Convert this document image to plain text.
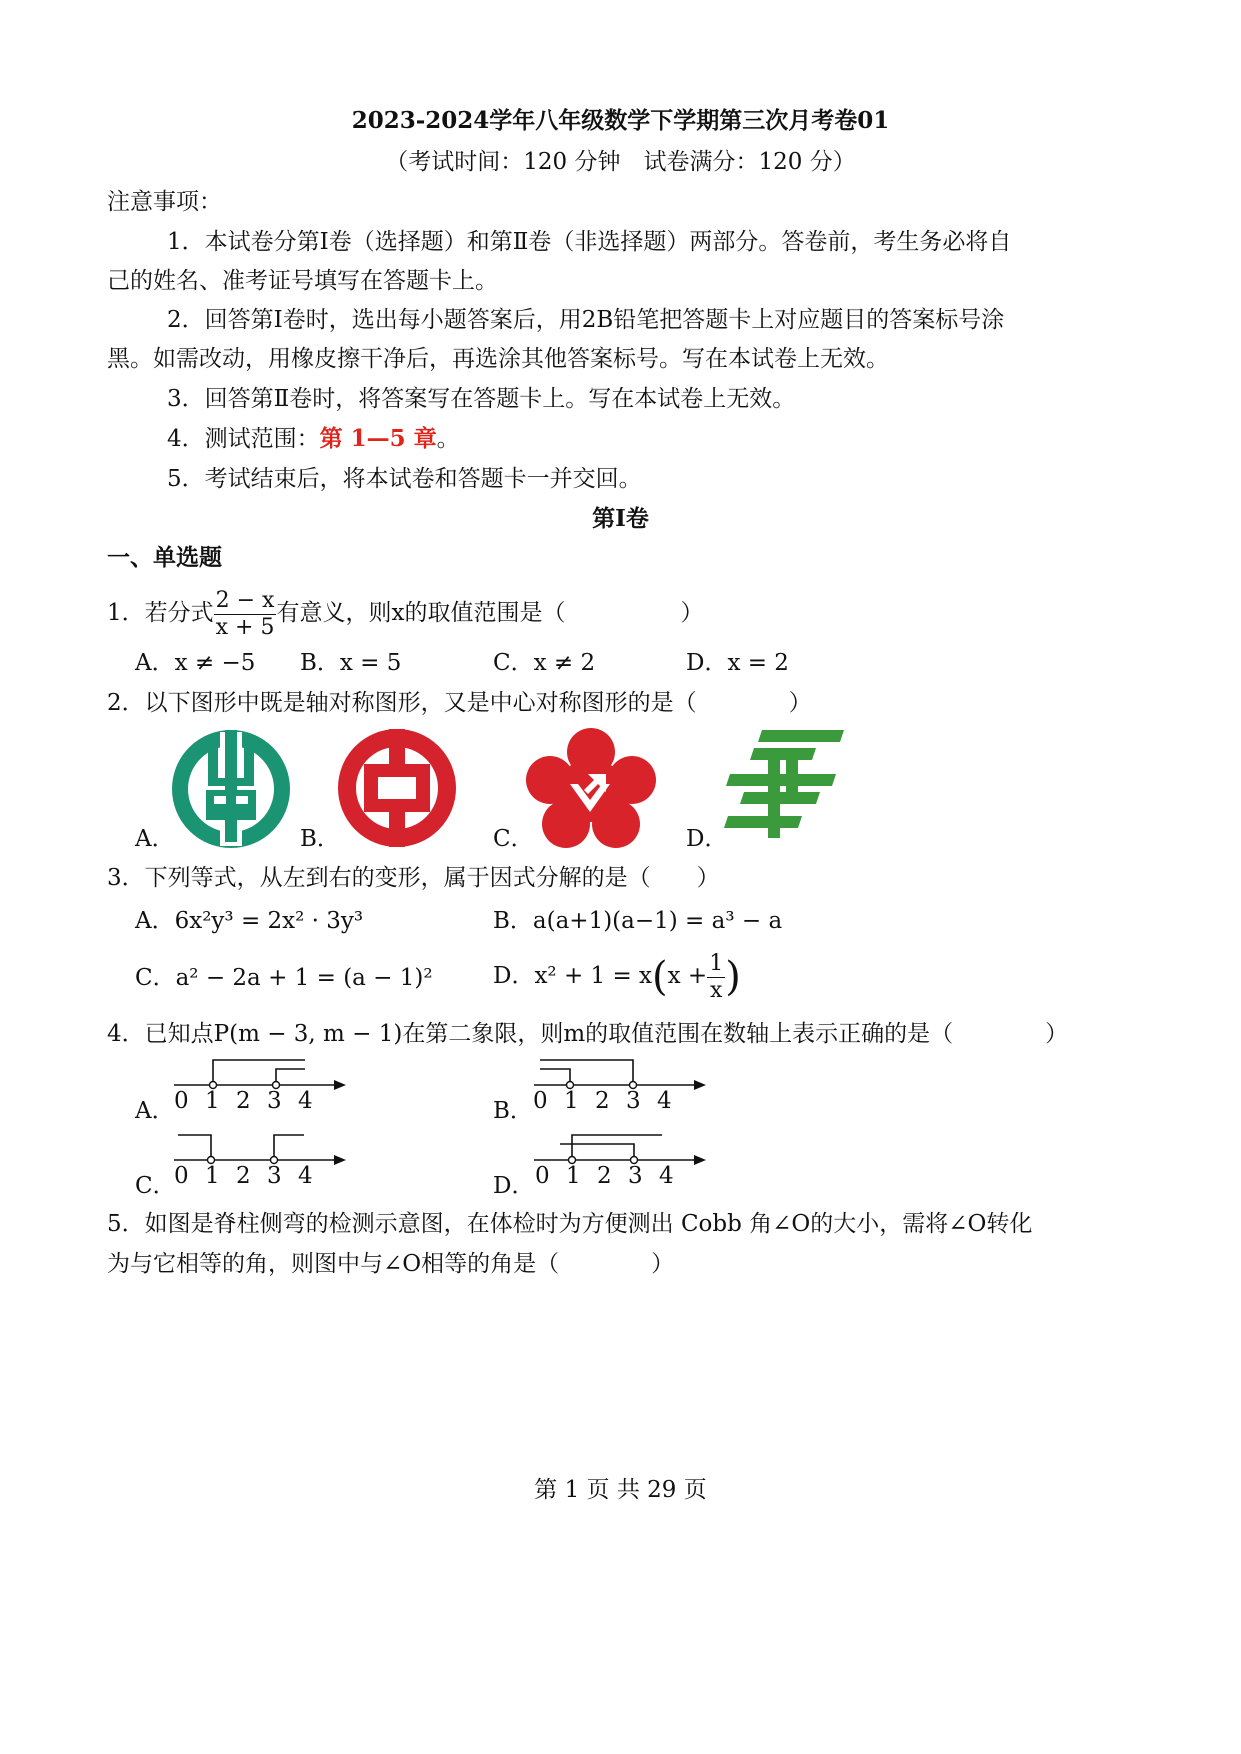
2023-2024学年八年级数学下学期第三次月考卷01
（考试时间：120 分钟　试卷满分：120 分）
注意事项：
1．本试卷分第Ⅰ卷（选择题）和第Ⅱ卷（非选择题）两部分。答卷前，考生务必将自
己的姓名、准考证号填写在答题卡上。
2．回答第Ⅰ卷时，选出每小题答案后，用2B铅笔把答题卡上对应题目的答案标号涂
黑。如需改动，用橡皮擦干净后，再选涂其他答案标号。写在本试卷上无效。
3．回答第Ⅱ卷时，将答案写在答题卡上。写在本试卷上无效。
4．测试范围：第 1—5 章。
5．考试结束后，将本试卷和答题卡一并交回。
第Ⅰ卷
一、单选题
1．若分式 $\frac{2 - x}{x + 5}$ 有意义，则x的取值范围是（　　　　　）
A．x ≠ −5 B．x = 5	C．x ≠ 2	D．x = 2
2．以下图形中既是轴对称图形，又是中心对称图形的是（　　　　）
A．	B．	C．	D．
3．下列等式，从左到右的变形，属于因式分解的是（　　）
A．6x²y³ = 2x² · 3y³	B．a(a+1)(a−1) = a³ − a
C．a² − 2a + 1 = (a − 1)²	D．$x^2 + 1 = x(x + \frac{1}{x}$ )
4．已知点P(m − 3, m − 1)在第二象限，则m的取值范围在数轴上表示正确的是（　　　　）
0 1 2 3 4
A．	0 1 2 3 4
B．
0 1 2 3 4
C．	0 1 2 3 4
D．
5．如图是脊柱侧弯的检测示意图，在体检时为方便测出 Cobb 角∠O的大小，需将∠O转化
为与它相等的角，则图中与∠O相等的角是（　　　　）
第 1 页 共 29 页
